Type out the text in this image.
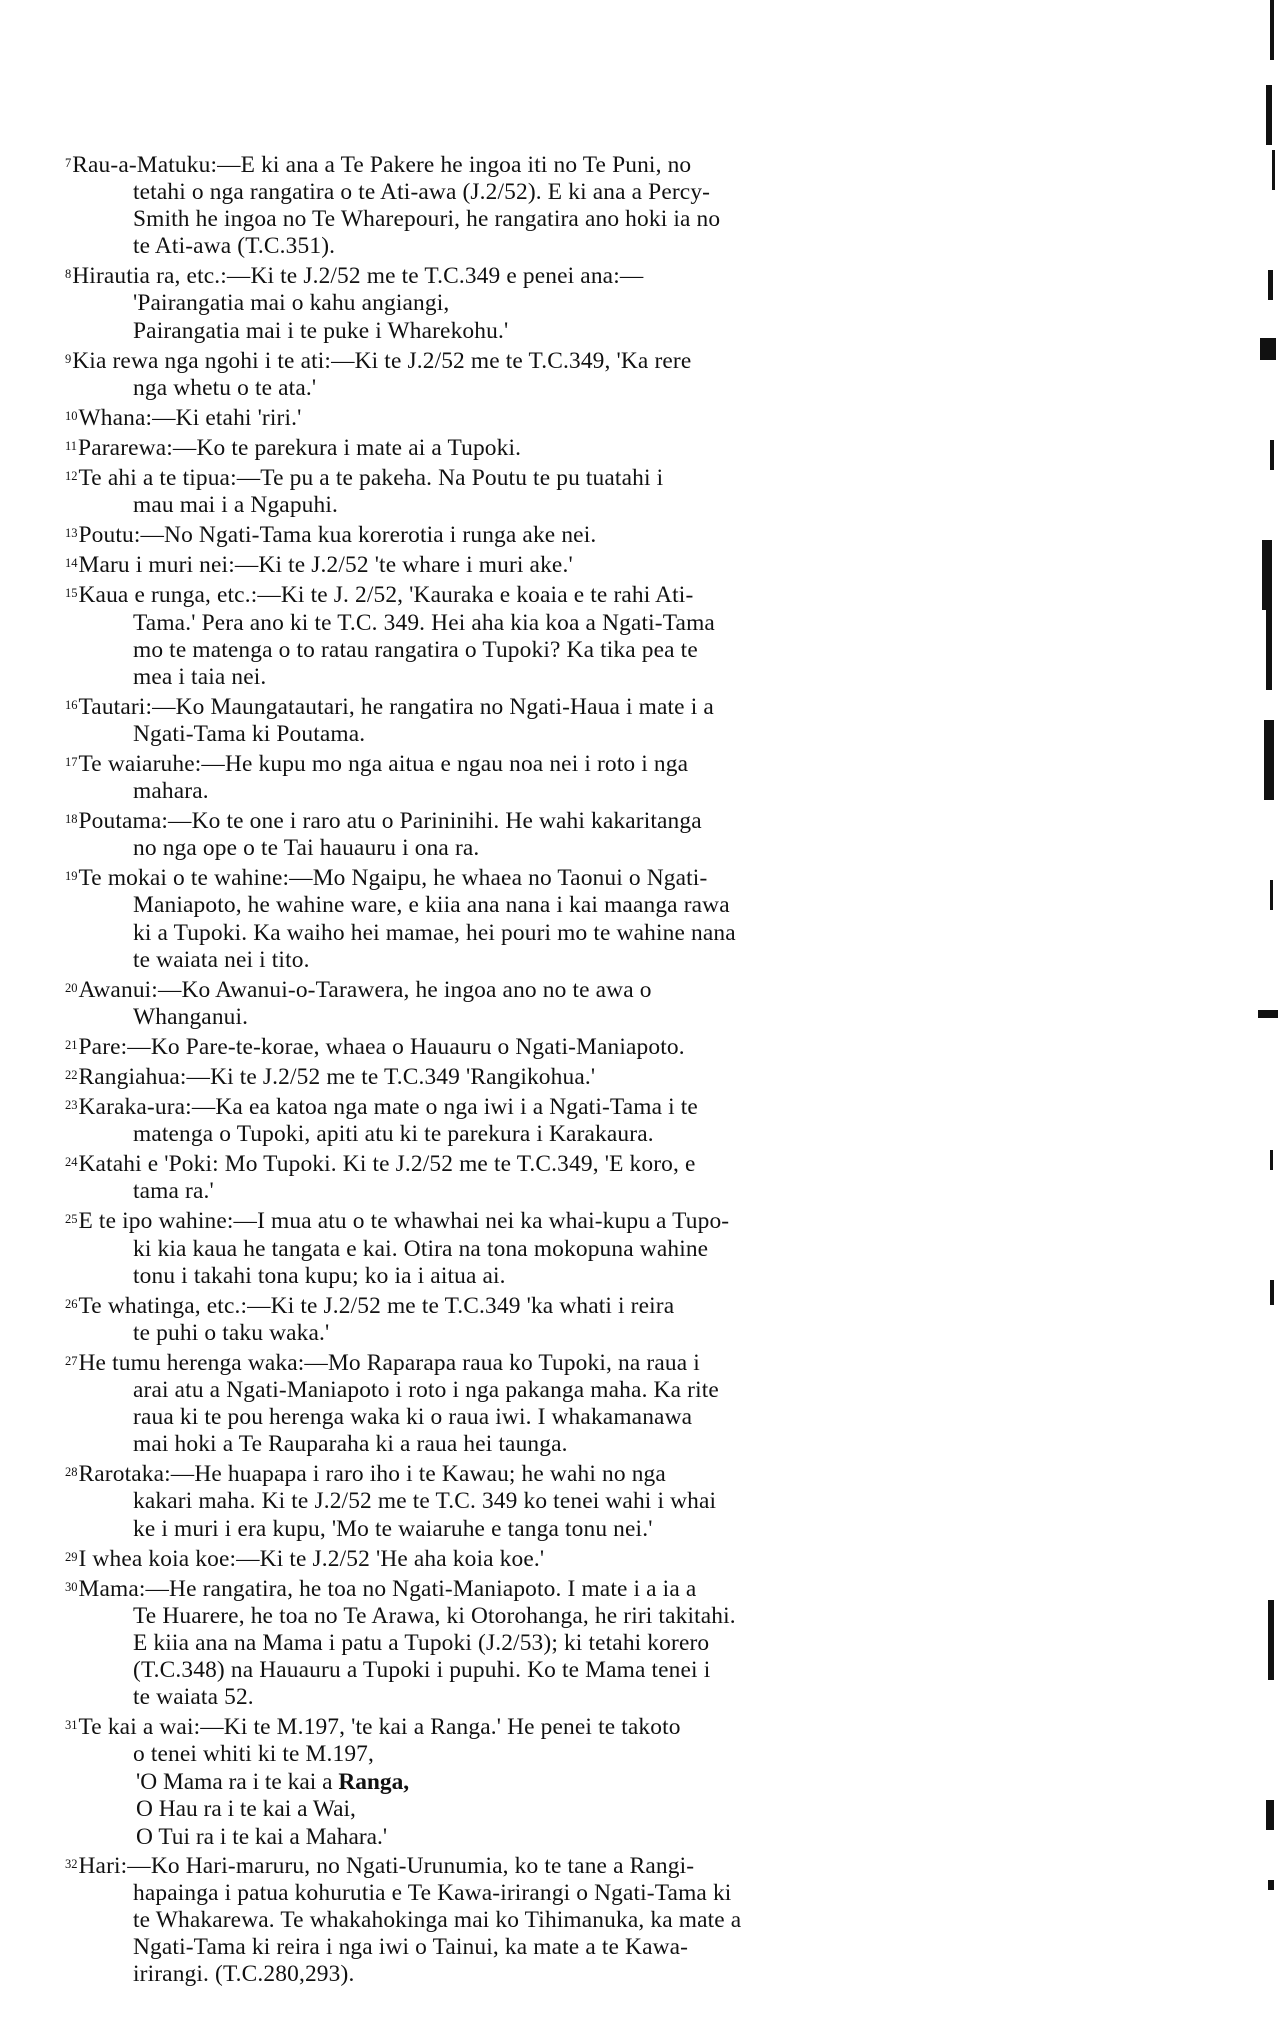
$^7$Rau-a-Matuku:—E ki ana a Te Pakere he ingoa iti no Te Puni, no
tetahi o nga rangatira o te Ati-awa (J.2/52). E ki ana a Percy-
Smith he ingoa no Te Wharepouri, he rangatira ano hoki ia no
te Ati-awa (T.C.351).
$^8$Hirautia ra, etc.:—Ki te J.2/52 me te T.C.349 e penei ana:—
'Pairangatia mai o kahu angiangi,
Pairangatia mai i te puke i Wharekohu.'
$^9$Kia rewa nga ngohi i te ati:—Ki te J.2/52 me te T.C.349, 'Ka rere
nga whetu o te ata.'
$^{10}$Whana:—Ki etahi 'riri.'
$^{11}$Pararewa:—Ko te parekura i mate ai a Tupoki.
$^{12}$Te ahi a te tipua:—Te pu a te pakeha. Na Poutu te pu tuatahi i
mau mai i a Ngapuhi.
$^{13}$Poutu:—No Ngati-Tama kua korerotia i runga ake nei.
$^{14}$Maru i muri nei:—Ki te J.2/52 'te whare i muri ake.'
$^{15}$Kaua e runga, etc.:—Ki te J. 2/52, 'Kauraka e koaia e te rahi Ati-
Tama.' Pera ano ki te T.C. 349. Hei aha kia koa a Ngati-Tama
mo te matenga o to ratau rangatira o Tupoki? Ka tika pea te
mea i taia nei.
$^{16}$Tautari:—Ko Maungatautari, he rangatira no Ngati-Haua i mate i a
Ngati-Tama ki Poutama.
$^{17}$Te waiaruhe:—He kupu mo nga aitua e ngau noa nei i roto i nga
mahara.
$^{18}$Poutama:—Ko te one i raro atu o Parininihi. He wahi kakaritanga
no nga ope o te Tai hauauru i ona ra.
$^{19}$Te mokai o te wahine:—Mo Ngaipu, he whaea no Taonui o Ngati-
Maniapoto, he wahine ware, e kiia ana nana i kai maanga rawa
ki a Tupoki. Ka waiho hei mamae, hei pouri mo te wahine nana
te waiata nei i tito.
$^{20}$Awanui:—Ko Awanui-o-Tarawera, he ingoa ano no te awa o
Whanganui.
$^{21}$Pare:—Ko Pare-te-korae, whaea o Hauauru o Ngati-Maniapoto.
$^{22}$Rangiahua:—Ki te J.2/52 me te T.C.349 'Rangikohua.'
$^{23}$Karaka-ura:—Ka ea katoa nga mate o nga iwi i a Ngati-Tama i te
matenga o Tupoki, apiti atu ki te parekura i Karakaura.
$^{24}$Katahi e 'Poki: Mo Tupoki. Ki te J.2/52 me te T.C.349, 'E koro, e
tama ra.'
$^{25}$E te ipo wahine:—I mua atu o te whawhai nei ka whai-kupu a Tupo-
ki kia kaua he tangata e kai. Otira na tona mokopuna wahine
tonu i takahi tona kupu; ko ia i aitua ai.
$^{26}$Te whatinga, etc.:—Ki te J.2/52 me te T.C.349 'ka whati i reira
te puhi o taku waka.'
$^{27}$He tumu herenga waka:—Mo Raparapa raua ko Tupoki, na raua i
arai atu a Ngati-Maniapoto i roto i nga pakanga maha. Ka rite
raua ki te pou herenga waka ki o raua iwi. I whakamanawa
mai hoki a Te Rauparaha ki a raua hei taunga.
$^{28}$Rarotaka:—He huapapa i raro iho i te Kawau; he wahi no nga
kakari maha. Ki te J.2/52 me te T.C. 349 ko tenei wahi i whai
ke i muri i era kupu, 'Mo te waiaruhe e tanga tonu nei.'
$^{29}$I whea koia koe:—Ki te J.2/52 'He aha koia koe.'
$^{30}$Mama:—He rangatira, he toa no Ngati-Maniapoto. I mate i a ia a
Te Huarere, he toa no Te Arawa, ki Otorohanga, he riri takitahi.
E kiia ana na Mama i patu a Tupoki (J.2/53); ki tetahi korero
(T.C.348) na Hauauru a Tupoki i pupuhi. Ko te Mama tenei i
te waiata 52.
$^{31}$Te kai a wai:—Ki te M.197, 'te kai a Ranga.' He penei te takoto
o tenei whiti ki te M.197,
'O Mama ra i te kai a Ranga,
O Hau ra i te kai a Wai,
O Tui ra i te kai a Mahara.'
$^{32}$Hari:—Ko Hari-maruru, no Ngati-Urunumia, ko te tane a Rangi-
hapainga i patua kohurutia e Te Kawa-irirangi o Ngati-Tama ki
te Whakarewa. Te whakahokinga mai ko Tihimanuka, ka mate a
Ngati-Tama ki reira i nga iwi o Tainui, ka mate a te Kawa-
irirangi. (T.C.280,293).
